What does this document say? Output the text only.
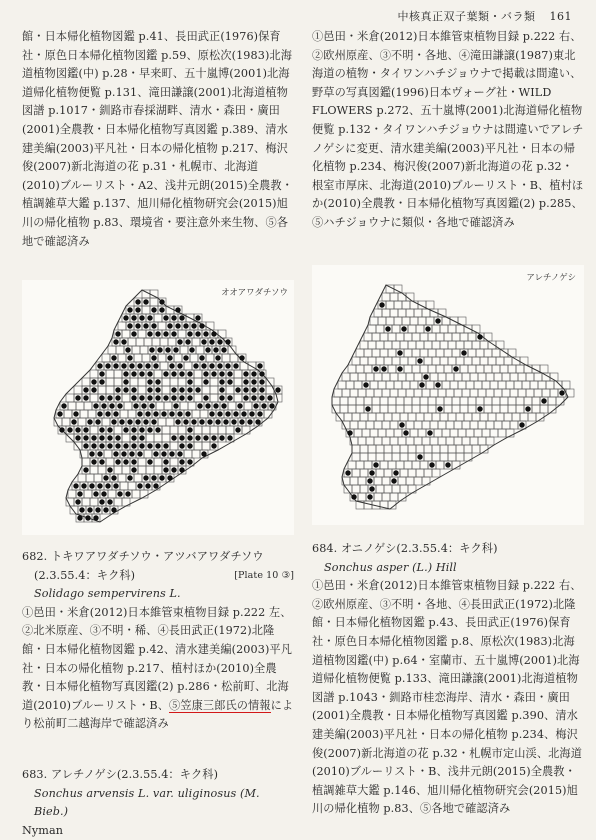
中核真正双子葉類・バラ類 161

館・日本帰化植物図鑑 p.41、長田武正(1976)保育社・原色日本帰化植物図鑑 p.59、原松次(1983)北海道植物図鑑(中) p.28・早来町、五十嵐博(2001)北海道帰化植物便覧 p.131、滝田謙譲(2001)北海道植物図譜 p.1017・釧路市春採湖畔、清水・森田・廣田(2001)全農教・日本帰化植物写真図鑑 p.389、清水建美編(2003)平凡社・日本の帰化植物 p.217、梅沢俊(2007)新北海道の花 p.31・札幌市、北海道(2010)ブルーリスト・A2、浅井元朗(2015)全農教・植調雑草大鑑 p.137、旭川帰化植物研究会(2015)旭川の帰化植物 p.83、環境省・要注意外来生物、⑤各地で確認済み

①邑田・米倉(2012)日本維管束植物目録 p.222 右、②欧州原産、③不明・各地、④滝田謙譲(1987)東北海道の植物・タイワンハチジョウナで掲載は間違い、野草の写真図鑑(1996)日本ヴォーグ社・WILD FLOWERS p.272、五十嵐博(2001)北海道帰化植物便覧 p.132・タイワンハチジョウナは間違いでアレチノゲシに変更、清水建美編(2003)平凡社・日本の帰化植物 p.234、梅沢俊(2007)新北海道の花 p.32・根室市厚床、北海道(2010)ブルーリスト・B、植村ほか(2010)全農教・日本帰化植物写真図鑑(2) p.285、⑤ハチジョウナに類似・各地で確認済み

オオアワダチソウ
アレチノゲシ

682. トキワアワダチソウ・アツバアワダチソウ

(2.3.55.4：キク科)	[Plate 10 ③]

Solidago sempervirens L.

①邑田・米倉(2012)日本維管束植物目録 p.222 左、②北米原産、③不明・稀、④長田武正(1972)北隆館・日本帰化植物図鑑 p.42、清水建美編(2003)平凡社・日本の帰化植物 p.217、植村ほか(2010)全農教・日本帰化植物写真図鑑(2) p.286・松前町、北海道(2010)ブルーリスト・B、⑤笠康三郎氏の情報により松前町二越海岸で確認済み

683. アレチノゲシ(2.3.55.4：キク科)

Sonchus arvensis L. var. uliginosus (M. Bieb.)

Nyman

684. オニノゲシ(2.3.55.4：キク科)

Sonchus asper (L.) Hill

①邑田・米倉(2012)日本維管束植物目録 p.222 右、②欧州原産、③不明・各地、④長田武正(1972)北隆館・日本帰化植物図鑑 p.43、長田武正(1976)保育社・原色日本帰化植物図鑑 p.8、原松次(1983)北海道植物図鑑(中) p.64・室蘭市、五十嵐博(2001)北海道帰化植物便覧 p.133、滝田謙譲(2001)北海道植物図譜 p.1043・釧路市桂恋海岸、清水・森田・廣田(2001)全農教・日本帰化植物写真図鑑 p.390、清水建美編(2003)平凡社・日本の帰化植物 p.234、梅沢俊(2007)新北海道の花 p.32・札幌市定山渓、北海道(2010)ブルーリスト・B、浅井元朗(2015)全農教・植調雑草大鑑 p.146、旭川帰化植物研究会(2015)旭川の帰化植物 p.83、⑤各地で確認済み
